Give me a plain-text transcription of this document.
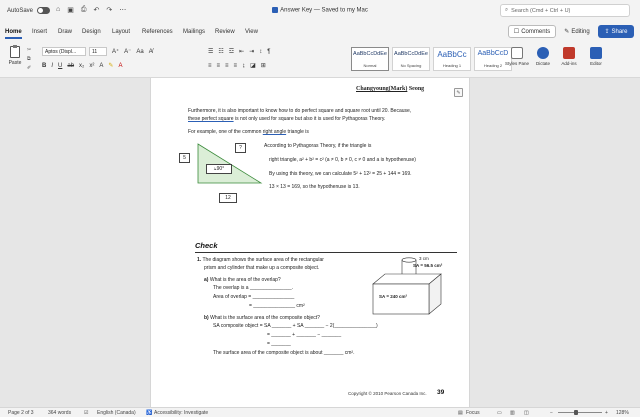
AutoSave	⌂ ▣ ⎙ ↶ ↷ ⋯	Answer Key — Saved to my Mac	⌕ Search (Cmd + Ctrl + U)
Home Insert Draw Design Layout References Mailings Review View	☐ Comments ✎ Editing ⇪ Share
Paste
✂
⧉
✐
Aptos (Displ...	11	A⁺ A⁻ Aa A̸
B I U ab x₂ x² A ✎ A
☰ ☷ ☲ ⇤ ⇥ ↕ ¶
≡ ≡ ≡ ≡ ↨ ◪ ⊞
AaBbCcDdEe
Normal
AaBbCcDdEe
No Spacing
AaBbCc
Heading 1
AaBbCcD
Heading 2 Styles Pane	Dictate	Add-ins	Editor
Changyoung(Mark) Seong
✎
Furthermore, it is also important to know how to do perfect square and square root until 20. Because,
these perfect square is not only used for square but also it is used for Pythagoras Theory.
For example, one of the common right angle triangle is
5
?
⦣90°
12
According to Pythagoras Theory, if the triangle is
right triangle, a² + b² = c² (a ≠ 0, b ≠ 0, c ≠ 0 and a is hypothenuse)
By using this theory, we can calculate 5² + 12² = 25 + 144 = 169.
13 × 13 = 169, so the hypothenuse is 13.
Check
1. The diagram shows the surface area of the rectangular
prism and cylinder that make up a composite object.
a) What is the area of the overlap?
The overlap is a _______________.
Area of overlap = _______________
= _______________ cm²
b) What is the surface area of the composite object?
SA composite object = SA _______ + SA _______ − 2(_______________)
= _______ + _______ − _______
= _______
The surface area of the composite object is about _______ cm².
3 cm
SA = 56.5 cm²
SA = 240 cm²
Copyright © 2010 Pearson Canada Inc. 39
Page 2 of 3	364 words	☑ English (Canada) ♿ Accessibility: Investigate	▤ Focus	▭ ▥ ◫	−	+ 128%
